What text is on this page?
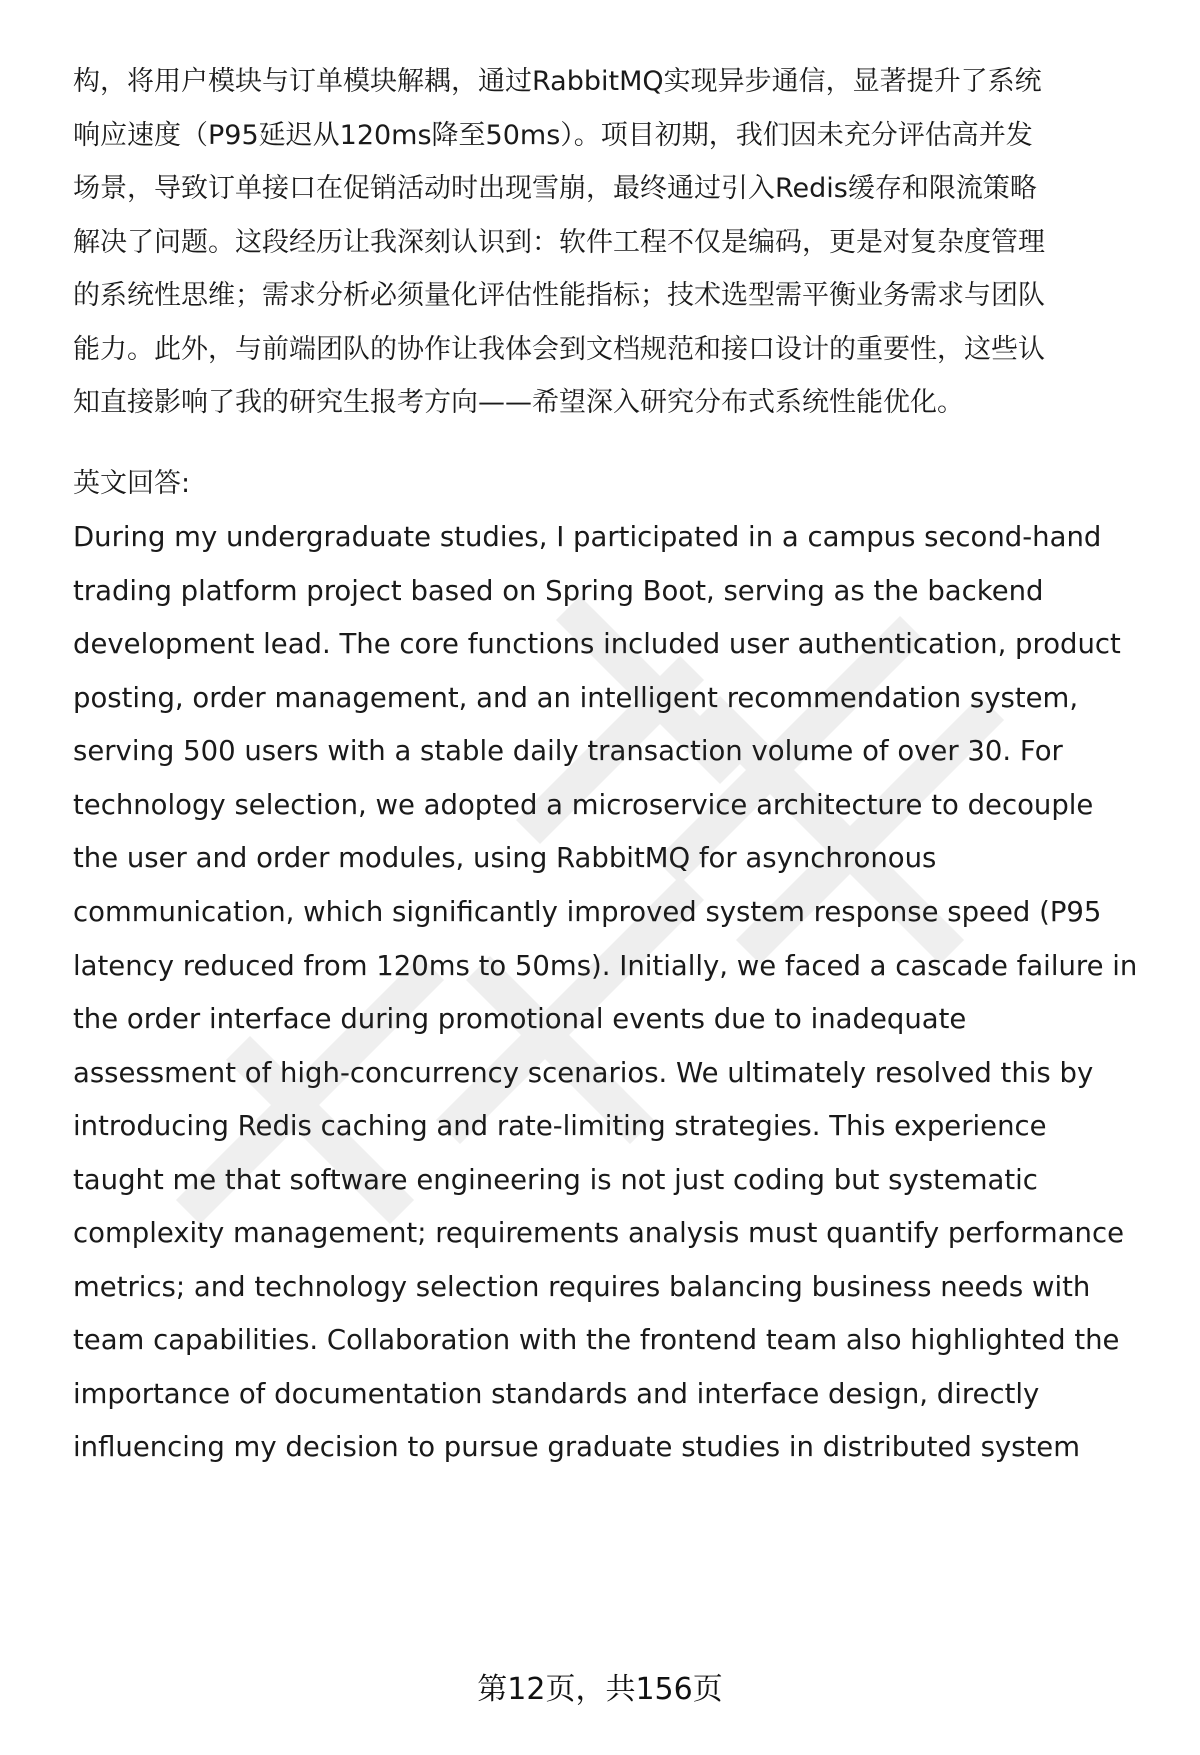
构，将用户模块与订单模块解耦，通过RabbitMQ实现异步通信，显著提升了系统
响应速度（P95延迟从120ms降至50ms）。项目初期，我们因未充分评估高并发
场景，导致订单接口在促销活动时出现雪崩，最终通过引入Redis缓存和限流策略
解决了问题。这段经历让我深刻认识到：软件工程不仅是编码，更是对复杂度管理
的系统性思维；需求分析必须量化评估性能指标；技术选型需平衡业务需求与团队
能力。此外，与前端团队的协作让我体会到文档规范和接口设计的重要性，这些认
知直接影响了我的研究生报考方向——希望深入研究分布式系统性能优化。
英文回答:
During my undergraduate studies, I participated in a campus second-hand
trading platform project based on Spring Boot, serving as the backend
development lead. The core functions included user authentication, product
posting, order management, and an intelligent recommendation system,
serving 500 users with a stable daily transaction volume of over 30. For
technology selection, we adopted a microservice architecture to decouple
the user and order modules, using RabbitMQ for asynchronous
communication, which significantly improved system response speed (P95
latency reduced from 120ms to 50ms). Initially, we faced a cascade failure in
the order interface during promotional events due to inadequate
assessment of high-concurrency scenarios. We ultimately resolved this by
introducing Redis caching and rate-limiting strategies. This experience
taught me that software engineering is not just coding but systematic
complexity management; requirements analysis must quantify performance
metrics; and technology selection requires balancing business needs with
team capabilities. Collaboration with the frontend team also highlighted the
importance of documentation standards and interface design, directly
influencing my decision to pursue graduate studies in distributed system
第12页，共156页
